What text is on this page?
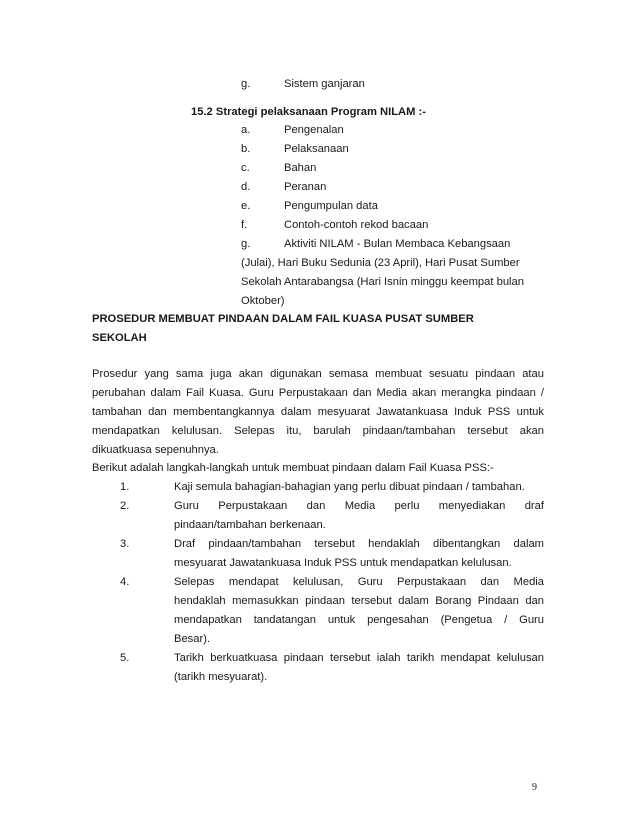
g.	Sistem ganjaran
15.2 Strategi pelaksanaan Program NILAM :-
a.	Pengenalan
b.	Pelaksanaan
c.	Bahan
d.	Peranan
e.	Pengumpulan data
f.	Contoh-contoh rekod bacaan
g.	Aktiviti NILAM - Bulan Membaca Kebangsaan
(Julai), Hari Buku Sedunia (23 April), Hari Pusat Sumber
Sekolah Antarabangsa (Hari Isnin minggu keempat bulan
Oktober)
PROSEDUR MEMBUAT PINDAAN DALAM FAIL KUASA PUSAT SUMBER
SEKOLAH
Prosedur yang sama juga akan digunakan semasa membuat sesuatu pindaan atau
perubahan dalam Fail Kuasa. Guru Perpustakaan dan Media akan merangka pindaan /
tambahan dan membentangkannya dalam mesyuarat Jawatankuasa Induk PSS untuk
mendapatkan kelulusan. Selepas itu, barulah pindaan/tambahan tersebut akan
dikuatkuasa sepenuhnya.
Berikut adalah langkah-langkah untuk membuat pindaan dalam Fail Kuasa PSS:-
1.	Kaji semula bahagian-bahagian yang perlu dibuat pindaan / tambahan.
2.	Guru Perpustakaan dan Media perlu menyediakan draf
pindaan/tambahan berkenaan.
3.	Draf pindaan/tambahan tersebut hendaklah dibentangkan dalam
mesyuarat Jawatankuasa Induk PSS untuk mendapatkan kelulusan.
4.	Selepas mendapat kelulusan, Guru Perpustakaan dan Media
hendaklah memasukkan pindaan tersebut dalam Borang Pindaan dan
mendapatkan tandatangan untuk pengesahan (Pengetua / Guru
Besar).
5.	Tarikh berkuatkuasa pindaan tersebut ialah tarikh mendapat kelulusan
(tarikh mesyuarat).
9
